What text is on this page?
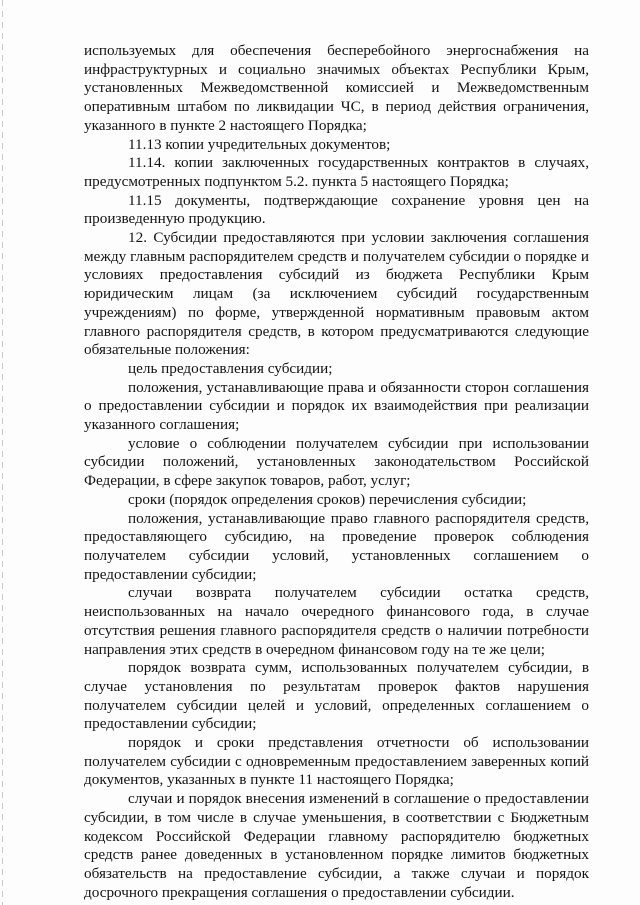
используемых для обеспечения бесперебойного энергоснабжения на инфраструктурных и социально значимых объектах Республики Крым, установленных Межведомственной комиссией и Межведомственным оперативным штабом по ликвидации ЧС, в период действия ограничения, указанного в пункте 2 настоящего Порядка;

11.13 копии учредительных документов;

11.14. копии заключенных государственных контрактов в случаях, предусмотренных подпунктом 5.2. пункта 5 настоящего Порядка;

11.15 документы, подтверждающие сохранение уровня цен на произведенную продукцию.

12. Субсидии предоставляются при условии заключения соглашения между главным распорядителем средств и получателем субсидии о порядке и условиях предоставления субсидий из бюджета Республики Крым юридическим лицам (за исключением субсидий государственным учреждениям) по форме, утвержденной нормативным правовым актом главного распорядителя средств, в котором предусматриваются следующие обязательные положения:

цель предоставления субсидии;

положения, устанавливающие права и обязанности сторон соглашения о предоставлении субсидии и порядок их взаимодействия при реализации указанного соглашения;

условие о соблюдении получателем субсидии при использовании субсидии положений, установленных законодательством Российской Федерации, в сфере закупок товаров, работ, услуг;

сроки (порядок определения сроков) перечисления субсидии;

положения, устанавливающие право главного распорядителя средств, предоставляющего субсидию, на проведение проверок соблюдения получателем субсидии условий, установленных соглашением о предоставлении субсидии;

случаи возврата получателем субсидии остатка средств, неиспользованных на начало очередного финансового года, в случае отсутствия решения главного распорядителя средств о наличии потребности направления этих средств в очередном финансовом году на те же цели;

порядок возврата сумм, использованных получателем субсидии, в случае установления по результатам проверок фактов нарушения получателем субсидии целей и условий, определенных соглашением о предоставлении субсидии;

порядок и сроки представления отчетности об использовании получателем субсидии с одновременным предоставлением заверенных копий документов, указанных в пункте 11 настоящего Порядка;

случаи и порядок внесения изменений в соглашение о предоставлении субсидии, в том числе в случае уменьшения, в соответствии с Бюджетным кодексом Российской Федерации главному распорядителю бюджетных средств ранее доведенных в установленном порядке лимитов бюджетных обязательств на предоставление субсидии, а также случаи и порядок досрочного прекращения соглашения о предоставлении субсидии.
